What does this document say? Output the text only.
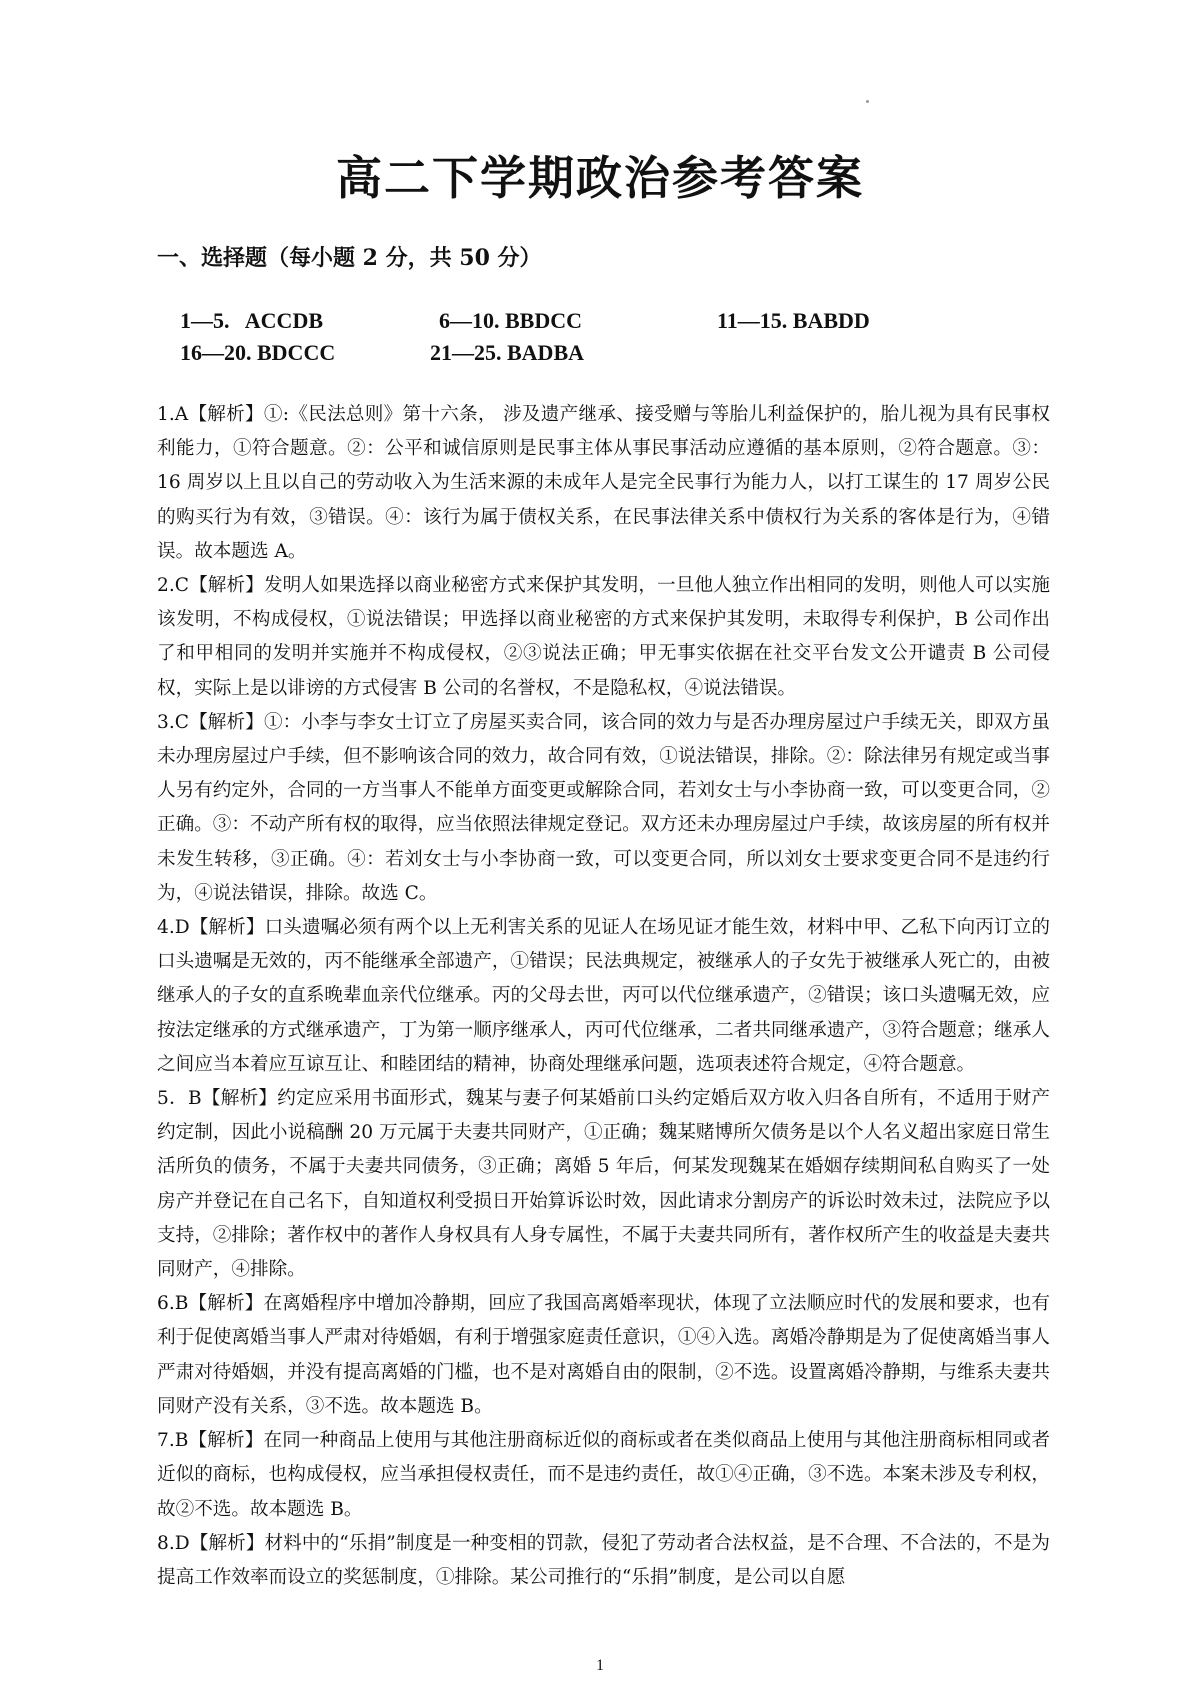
高二下学期政治参考答案
一、选择题（每小题 2 分，共 50 分）
1—5.   ACCDB	6—10. BBDCC	11—15. BABDD
16—20. BDCCC	21—25. BADBA

1.A【解析】①:《民法总则》第十六条， 涉及遗产继承、接受赠与等胎儿利益保护的，胎儿视为具有民事权利能力，①符合题意。②：公平和诚信原则是民事主体从事民事活动应遵循的基本原则，②符合题意。③：16 周岁以上且以自己的劳动收入为生活来源的未成年人是完全民事行为能力人，以打工谋生的 17 周岁公民的购买行为有效，③错误。④：该行为属于债权关系，在民事法律关系中债权行为关系的客体是行为，④错误。故本题选 A。

2.C【解析】发明人如果选择以商业秘密方式来保护其发明，一旦他人独立作出相同的发明，则他人可以实施该发明，不构成侵权，①说法错误；甲选择以商业秘密的方式来保护其发明，未取得专利保护，B 公司作出了和甲相同的发明并实施并不构成侵权，②③说法正确；甲无事实依据在社交平台发文公开谴责 B 公司侵权，实际上是以诽谤的方式侵害 B 公司的名誉权，不是隐私权，④说法错误。

3.C【解析】①：小李与李女士订立了房屋买卖合同，该合同的效力与是否办理房屋过户手续无关，即双方虽未办理房屋过户手续，但不影响该合同的效力，故合同有效，①说法错误，排除。②：除法律另有规定或当事人另有约定外，合同的一方当事人不能单方面变更或解除合同，若刘女士与小李协商一致，可以变更合同，②正确。③：不动产所有权的取得，应当依照法律规定登记。双方还未办理房屋过户手续，故该房屋的所有权并未发生转移，③正确。④：若刘女士与小李协商一致，可以变更合同，所以刘女士要求变更合同不是违约行为，④说法错误，排除。故选 C。

4.D【解析】口头遗嘱必须有两个以上无利害关系的见证人在场见证才能生效，材料中甲、乙私下向丙订立的口头遗嘱是无效的，丙不能继承全部遗产，①错误；民法典规定，被继承人的子女先于被继承人死亡的，由被继承人的子女的直系晚辈血亲代位继承。丙的父母去世，丙可以代位继承遗产，②错误；该口头遗嘱无效，应按法定继承的方式继承遗产，丁为第一顺序继承人，丙可代位继承，二者共同继承遗产，③符合题意；继承人之间应当本着应互谅互让、和睦团结的精神，协商处理继承问题，选项表述符合规定，④符合题意。

5．B【解析】约定应采用书面形式，魏某与妻子何某婚前口头约定婚后双方收入归各自所有，不适用于财产约定制，因此小说稿酬 20 万元属于夫妻共同财产，①正确；魏某赌博所欠债务是以个人名义超出家庭日常生活所负的债务，不属于夫妻共同债务，③正确；离婚 5 年后，何某发现魏某在婚姻存续期间私自购买了一处房产并登记在自己名下，自知道权利受损日开始算诉讼时效，因此请求分割房产的诉讼时效未过，法院应予以支持，②排除；著作权中的著作人身权具有人身专属性，不属于夫妻共同所有，著作权所产生的收益是夫妻共同财产，④排除。

6.B【解析】在离婚程序中增加冷静期，回应了我国高离婚率现状，体现了立法顺应时代的发展和要求，也有利于促使离婚当事人严肃对待婚姻，有利于增强家庭责任意识，①④入选。离婚冷静期是为了促使离婚当事人严肃对待婚姻，并没有提高离婚的门槛，也不是对离婚自由的限制，②不选。设置离婚冷静期，与维系夫妻共同财产没有关系，③不选。故本题选 B。

7.B【解析】在同一种商品上使用与其他注册商标近似的商标或者在类似商品上使用与其他注册商标相同或者近似的商标，也构成侵权，应当承担侵权责任，而不是违约责任，故①④正确，③不选。本案未涉及专利权，故②不选。故本题选 B。

8.D【解析】材料中的“乐捐”制度是一种变相的罚款，侵犯了劳动者合法权益，是不合理、不合法的，不是为提高工作效率而设立的奖惩制度，①排除。某公司推行的“乐捐”制度，是公司以自愿

1
